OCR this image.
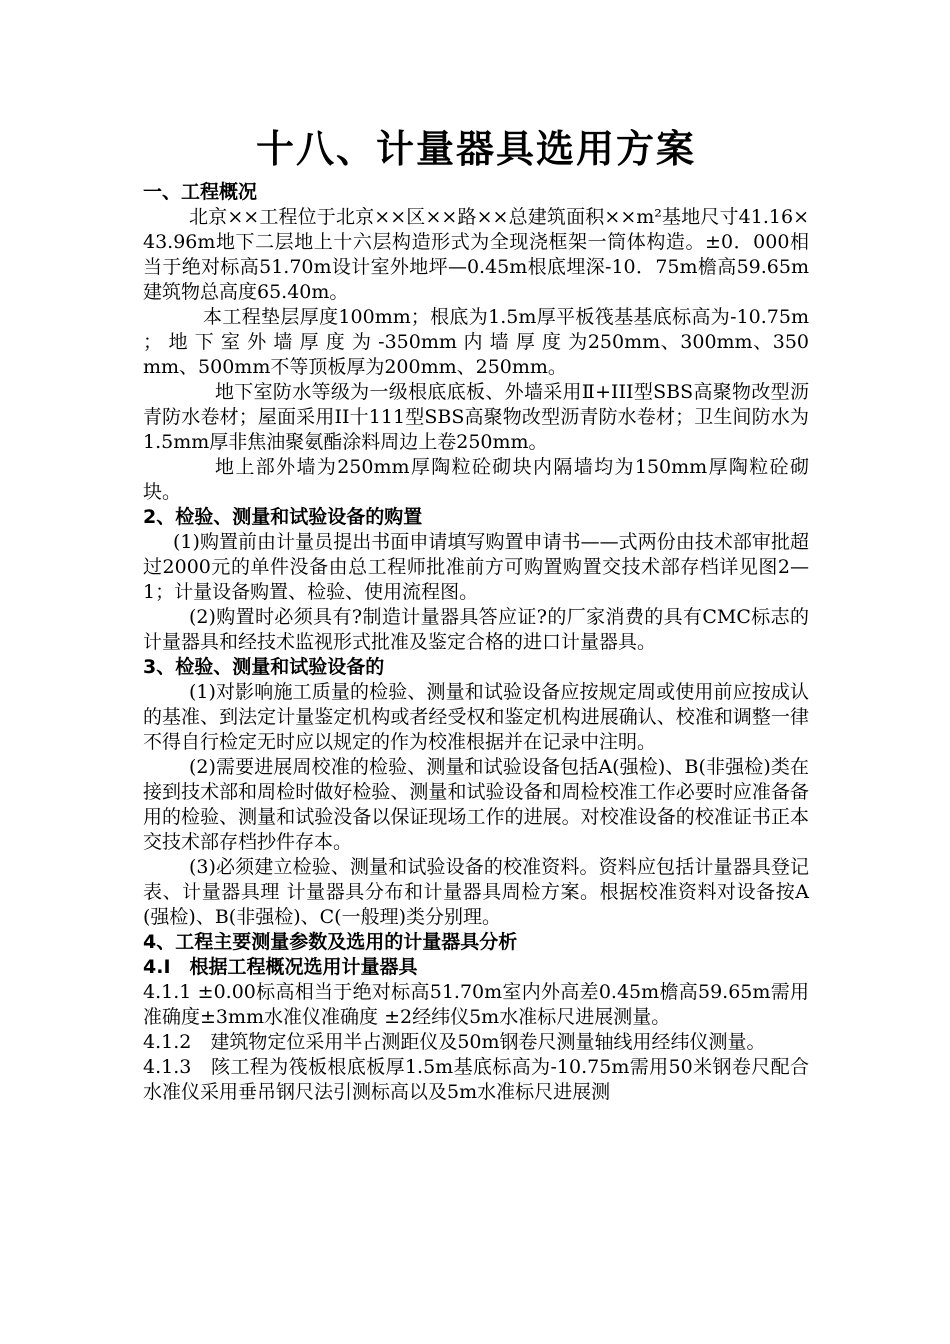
十八、计量器具选用方案
一、工程概况

北京××工程位于北京××区××路××总建筑面积××m²基地尺寸41.16× 43.96m地下二层地上十六层构造形式为全现浇框架一筒体构造。±0．000相当于绝对标高51.70m设计室外地坪—0.45m根底埋深-10．75m檐高59.65m建筑物总高度65.40m。

本工程垫层厚度100mm；根底为1.5m厚平板筏基基底标高为-10.75m ； 地 下 室 外 墙 厚 度 为 -350mm 内 墙 厚 度 为250mm、300mm、350mm、500mm不等顶板厚为200mm、250mm。

地下室防水等级为一级根底底板、外墙采用Ⅱ+III型SBS高聚物改型沥青防水卷材；屋面采用II十111型SBS高聚物改型沥青防水卷材；卫生间防水为1.5mm厚非焦油聚氨酯涂料周边上卷250mm。

地上部外墙为250mm厚陶粒砼砌块内隔墙均为150mm厚陶粒砼砌块。

2、检验、测量和试验设备的购置

(1)购置前由计量员提出书面申请填写购置申请书——式两份由技术部审批超过2000元的单件没备由总工程师批准前方可购置购置交技术部存档详见图2—1；计量设备购置、检验、使用流程图。

(2)购置时必须具有?制造计量器具答应证?的厂家消费的具有CMC标志的计量器具和经技术监视形式批准及鉴定合格的进口计量器具。

3、检验、测量和试验设备的

(1)对影响施工质量的检验、测量和试验设备应按规定周或使用前应按成认的基准、到法定计量鉴定机构或者经受权和鉴定机构进展确认、校准和调整一律不得自行检定无时应以规定的作为校准根据并在记录中注明。

(2)需要进展周校准的检验、测量和试验设备包括A(强检)、B(非强检)类在接到技术部和周检时做好检验、测量和试验设备和周检校准工作必要时应准备备用的检验、测量和试验没备以保证现场工作的进展。对校准设备的校准证书正本交技术部存档抄件存本。

(3)必须建立检验、测量和试验设备的校准资料。资料应包括计量器具登记表、计量器具理 计量器具分布和计量器具周检方案。根据校准资料对设备按A(强检)、B(非强检)、C(一般理)类分别理。

4、工程主要测量参数及选用的计量器具分析
4.Ⅰ　根据工程概况选用计量器具

4.1.1 ±0.00标高相当于绝对标高51.70m室内外高差0.45m檐高59.65m需用准确度±3mm水准仪准确度 ±2经纬仪5m水准标尺进展测量。

4.1.2　建筑物定位采用半占测距仪及50m钢卷尺测量轴线用经纬仪测量。

4.1.3　陔工程为筏板根底板厚1.5m基底标高为-10.75m需用50米钢卷尺配合水准仪采用垂吊钢尺法引测标高以及5m水准标尺进展测
